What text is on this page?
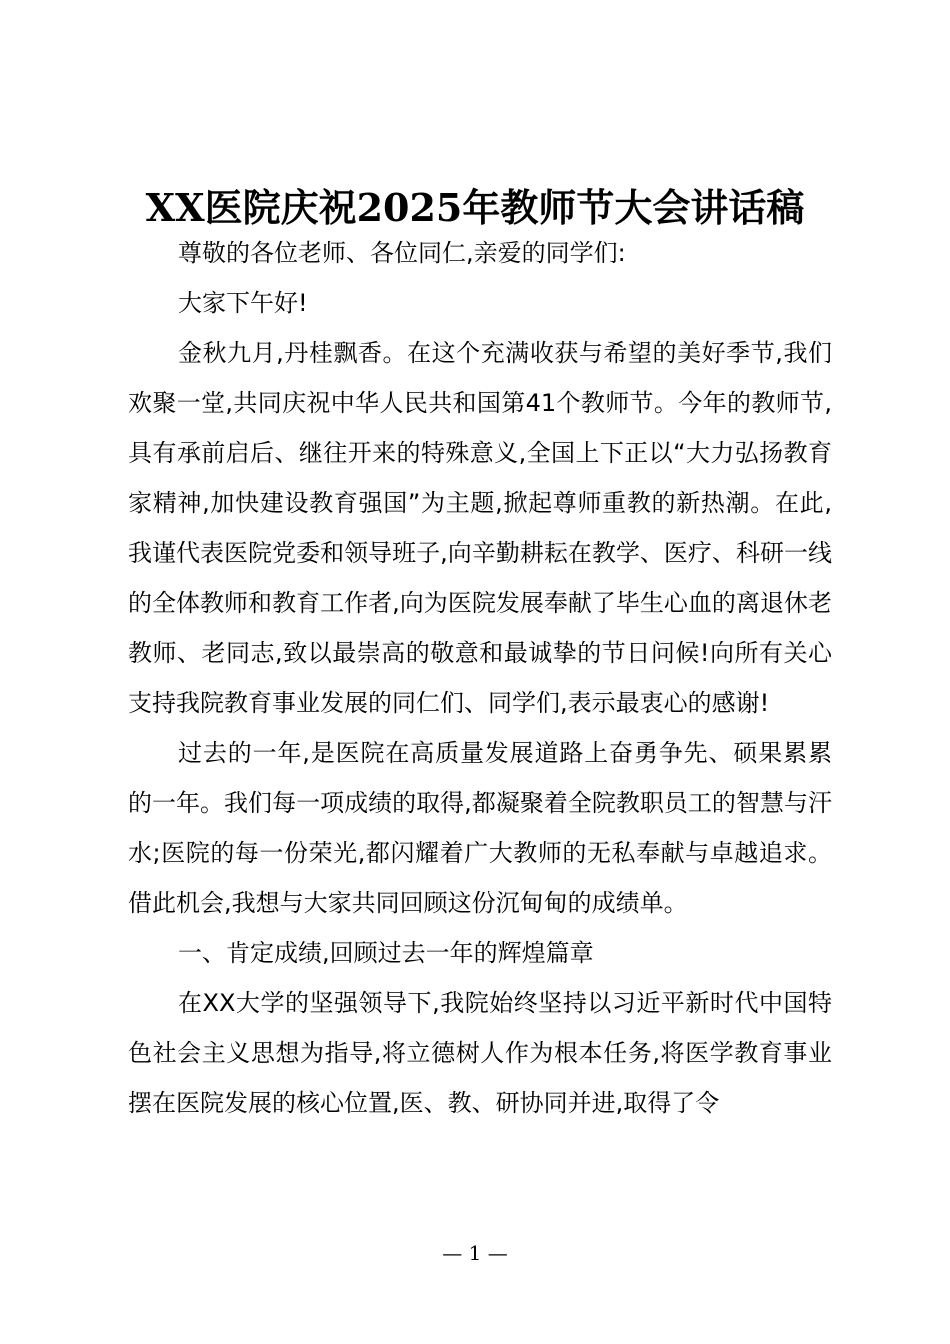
XX医院庆祝2025年教师节大会讲话稿

尊敬的各位老师、各位同仁,亲爱的同学们:

大家下午好!

金秋九月,丹桂飘香。在这个充满收获与希望的美好季节,我们欢聚一堂,共同庆祝中华人民共和国第41个教师节。今年的教师节,具有承前启后、继往开来的特殊意义,全国上下正以“大力弘扬教育家精神,加快建设教育强国”为主题,掀起尊师重教的新热潮。在此,我谨代表医院党委和领导班子,向辛勤耕耘在教学、医疗、科研一线的全体教师和教育工作者,向为医院发展奉献了毕生心血的离退休老教师、老同志,致以最崇高的敬意和最诚挚的节日问候!向所有关心支持我院教育事业发展的同仁们、同学们,表示最衷心的感谢!

过去的一年,是医院在高质量发展道路上奋勇争先、硕果累累的一年。我们每一项成绩的取得,都凝聚着全院教职员工的智慧与汗水;医院的每一份荣光,都闪耀着广大教师的无私奉献与卓越追求。借此机会,我想与大家共同回顾这份沉甸甸的成绩单。

一、肯定成绩,回顾过去一年的辉煌篇章

在XX大学的坚强领导下,我院始终坚持以习近平新时代中国特色社会主义思想为指导,将立德树人作为根本任务,将医学教育事业摆在医院发展的核心位置,医、教、研协同并进,取得了令

— 1 —
